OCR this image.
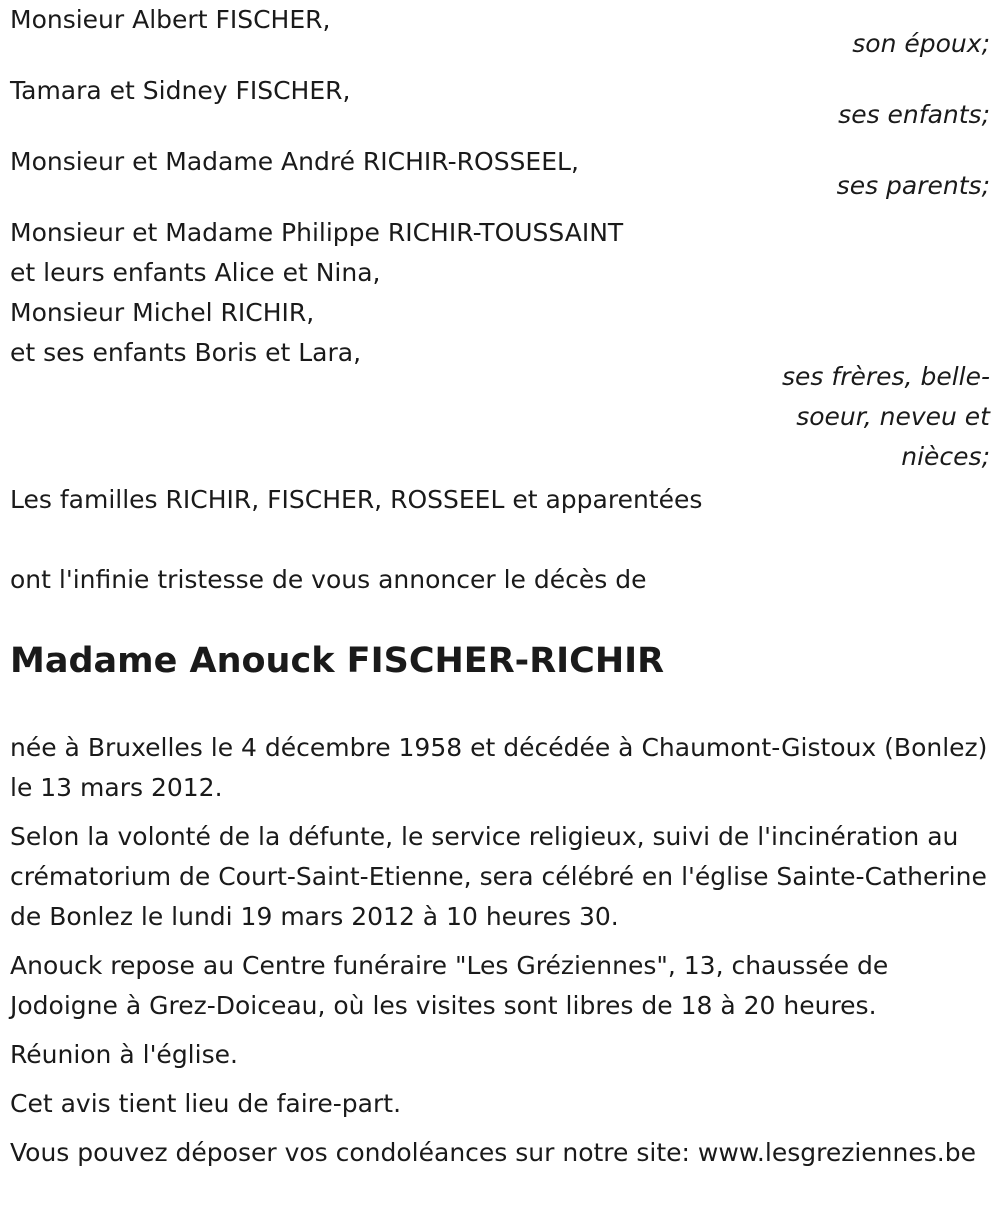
Monsieur Albert FISCHER,
son époux;
Tamara et Sidney FISCHER,
ses enfants;
Monsieur et Madame André RICHIR-ROSSEEL,
ses parents;
Monsieur et Madame Philippe RICHIR-TOUSSAINT
et leurs enfants Alice et Nina,
Monsieur Michel RICHIR,
et ses enfants Boris et Lara,
ses frères, belle-soeur, neveu et nièces;
Les familles RICHIR, FISCHER, ROSSEEL et apparentées
ont l'infinie tristesse de vous annoncer le décès de
Madame Anouck FISCHER-RICHIR

née à Bruxelles le 4 décembre 1958 et décédée à Chaumont-Gistoux (Bonlez) le 13 mars 2012.

Selon la volonté de la défunte, le service religieux, suivi de l'incinération au crématorium de Court-Saint-Etienne, sera célébré en l'église Sainte-Catherine de Bonlez le lundi 19 mars 2012 à 10 heures 30.

Anouck repose au Centre funéraire "Les Gréziennes", 13, chaussée de Jodoigne à Grez-Doiceau, où les visites sont libres de 18 à 20 heures.

Réunion à l'église.

Cet avis tient lieu de faire-part.

Vous pouvez déposer vos condoléances sur notre site: www.lesgreziennes.be
